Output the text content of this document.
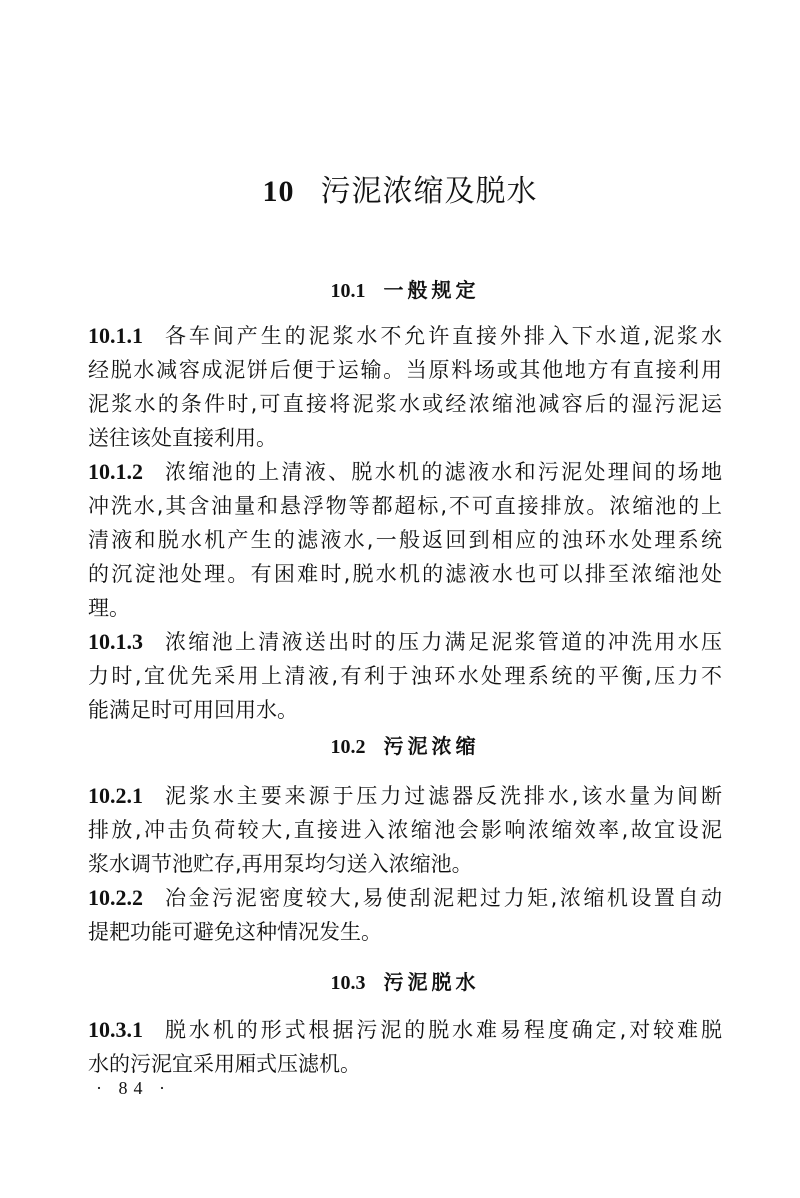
10 污泥浓缩及脱水
10.1 一般规定
10.1.1 各车间产生的泥浆水不允许直接外排入下水道,泥浆水
经脱水减容成泥饼后便于运输。当原料场或其他地方有直接利用
泥浆水的条件时,可直接将泥浆水或经浓缩池减容后的湿污泥运
送往该处直接利用。
10.1.2 浓缩池的上清液、脱水机的滤液水和污泥处理间的场地
冲洗水,其含油量和悬浮物等都超标,不可直接排放。浓缩池的上
清液和脱水机产生的滤液水,一般返回到相应的浊环水处理系统
的沉淀池处理。有困难时,脱水机的滤液水也可以排至浓缩池处
理。
10.1.3 浓缩池上清液送出时的压力满足泥浆管道的冲洗用水压
力时,宜优先采用上清液,有利于浊环水处理系统的平衡,压力不
能满足时可用回用水。
10.2 污泥浓缩
10.2.1 泥浆水主要来源于压力过滤器反洗排水,该水量为间断
排放,冲击负荷较大,直接进入浓缩池会影响浓缩效率,故宜设泥
浆水调节池贮存,再用泵均匀送入浓缩池。
10.2.2 冶金污泥密度较大,易使刮泥耙过力矩,浓缩机设置自动
提耙功能可避免这种情况发生。
10.3 污泥脱水
10.3.1 脱水机的形式根据污泥的脱水难易程度确定,对较难脱
水的污泥宜采用厢式压滤机。
· 84 ·
